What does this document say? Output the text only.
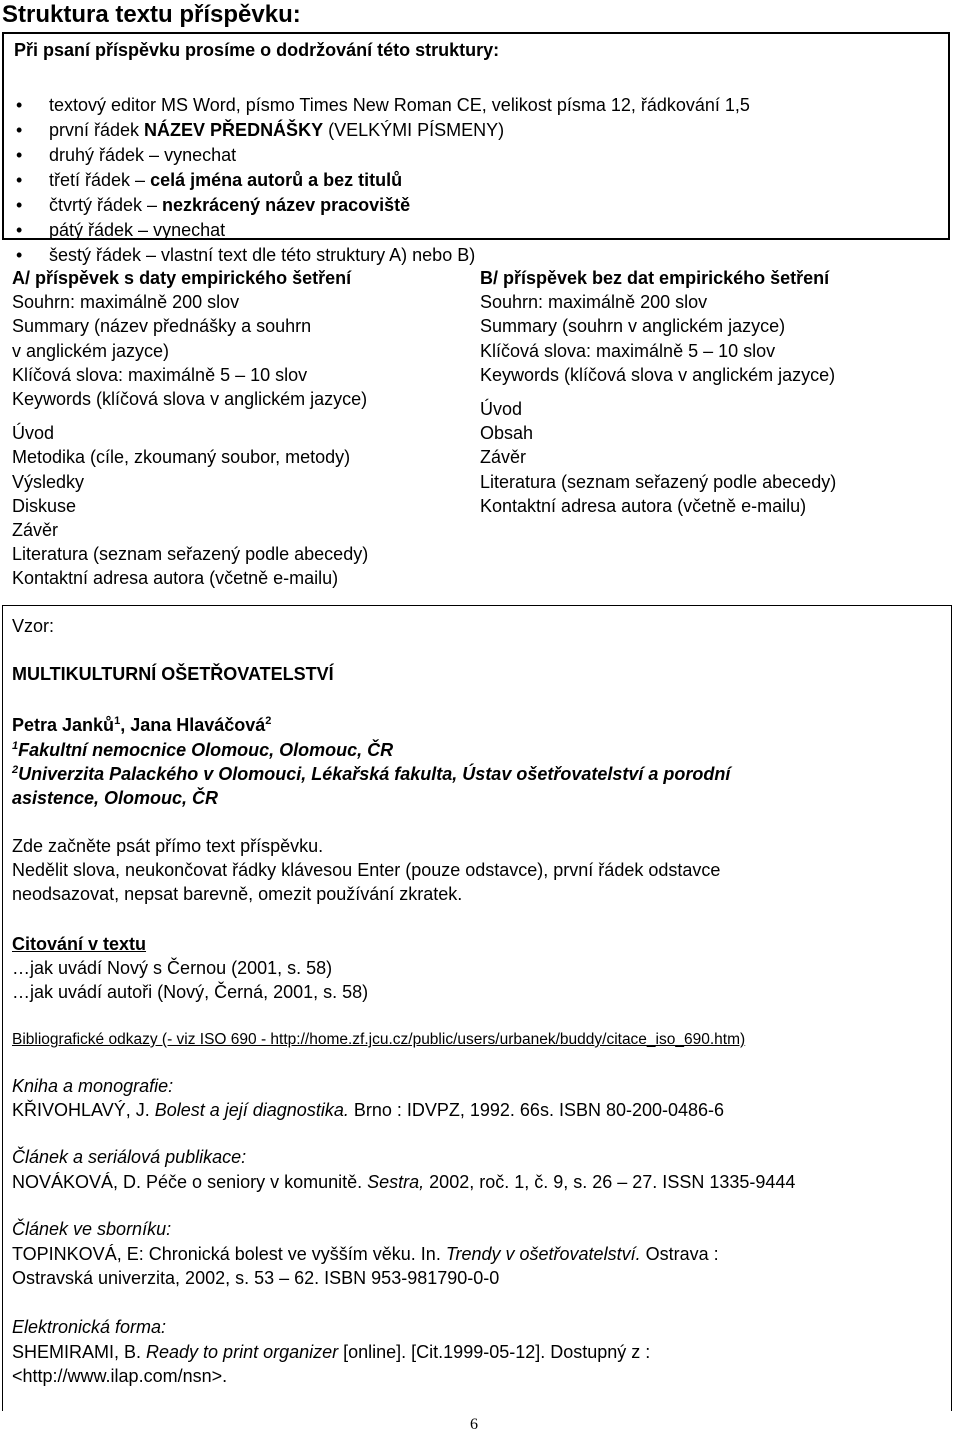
Struktura textu příspěvku:
Při psaní příspěvku prosíme o dodržování této struktury:
• textový editor MS Word, písmo Times New Roman CE, velikost písma 12, řádkování 1,5
• první řádek NÁZEV PŘEDNÁŠKY (VELKÝMI PÍSMENY)
• druhý řádek – vynechat
• třetí řádek – celá jména autorů a bez titulů
• čtvrtý řádek – nezkrácený název pracoviště
• pátý řádek – vynechat
• šestý řádek – vlastní text dle této struktury A) nebo B)
A/ příspěvek s daty empirického šetření
Souhrn: maximálně 200 slov
Summary (název přednášky a souhrn
v anglickém jazyce)
Klíčová slova: maximálně 5 – 10 slov
Keywords (klíčová slova v anglickém jazyce)
Úvod
Metodika (cíle, zkoumaný soubor, metody)
Výsledky
Diskuse
Závěr
Literatura (seznam seřazený podle abecedy)
Kontaktní adresa autora (včetně e-mailu)
B/ příspěvek bez dat empirického šetření
Souhrn: maximálně 200 slov
Summary (souhrn v anglickém jazyce)
Klíčová slova: maximálně 5 – 10 slov
Keywords (klíčová slova v anglickém jazyce)
Úvod
Obsah
Závěr
Literatura (seznam seřazený podle abecedy)
Kontaktní adresa autora (včetně e-mailu)
Vzor:
MULTIKULTURNÍ OŠETŘOVATELSTVÍ
Petra Janků$^1$, Jana Hlaváčová$^2$
$^1$Fakultní nemocnice Olomouc, Olomouc, ČR
$^2$Univerzita Palackého v Olomouci, Lékařská fakulta, Ústav ošetřovatelství a porodní
asistence, Olomouc, ČR
Zde začněte psát přímo text příspěvku.
Nedělit slova, neukončovat řádky klávesou Enter (pouze odstavce), první řádek odstavce
neodsazovat, nepsat barevně, omezit používání zkratek.
Citování v textu
…jak uvádí Nový s Černou (2001, s. 58)
…jak uvádí autoři (Nový, Černá, 2001, s. 58)
Bibliografické odkazy (- viz ISO 690 - http://home.zf.jcu.cz/public/users/urbanek/buddy/citace_iso_690.htm)
Kniha a monografie:
KŘIVOHLAVÝ, J. Bolest a její diagnostika. Brno : IDVPZ, 1992. 66s. ISBN 80-200-0486-6
Článek a seriálová publikace:
NOVÁKOVÁ, D. Péče o seniory v komunitě. Sestra, 2002, roč. 1, č. 9, s. 26 – 27. ISSN 1335-9444
Článek ve sborníku:
TOPINKOVÁ, E: Chronická bolest ve vyšším věku. In. Trendy v ošetřovatelství. Ostrava :
Ostravská univerzita, 2002, s. 53 – 62. ISBN 953-981790-0-0
Elektronická forma:
SHEMIRAMI, B. Ready to print organizer [online]. [Cit.1999-05-12]. Dostupný z :
<http://www.ilap.com/nsn>.
6
